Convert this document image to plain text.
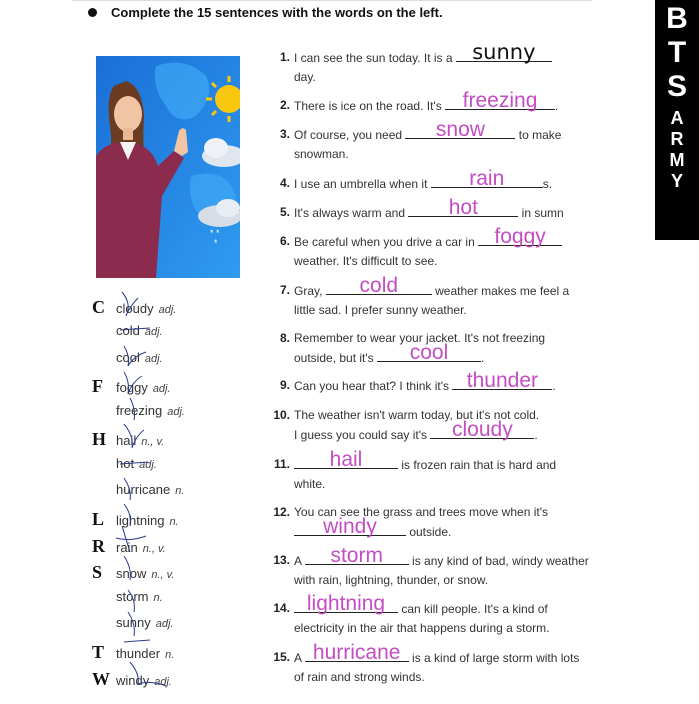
Complete the 15 sentences with the words on the left.	B
T
S
A
R
M
Y
* *
*
C cloudy adj.
cold adj.
cool adj.
F foggy adj.
freezing adj.
H hail n., v.
hot adj.
hurricane n.
L lightning n.
R rain n., v.
S snow n., v.
storm n.
sunny adj.
T thunder n.
W windy adj.
1. I can see the sun today. It is a sunny

day.
2. There is ice on the road. It's freezing	.
3. Of course, you need	snow	to make
snowman.
4. I use an umbrella when it	rain	s.
5. It's always warm and	hot	in sumn
6. Be careful when you drive a car in foggy

weather. It's difficult to see.
7. Gray,	cold	weather makes me feel a
little sad. I prefer sunny weather.
8. Remember to wear your jacket. It's not freezing
outside, but it's	cool	.
9. Can you hear that? I think it's thunder	.
10. The weather isn't warm today, but it's not cold.
I guess you could say it's	cloudy	.
11.	hail	is frozen rain that is hard and
white.
12. You can see the grass and trees move when it's

windy	outside.
13. A	storm	is any kind of bad, windy weather
with rain, lightning, thunder, or snow.
14. lightning	can kill people. It's a kind of
electricity in the air that happens during a storm.
15. A hurricane is a kind of large storm with lots
of rain and strong winds.
